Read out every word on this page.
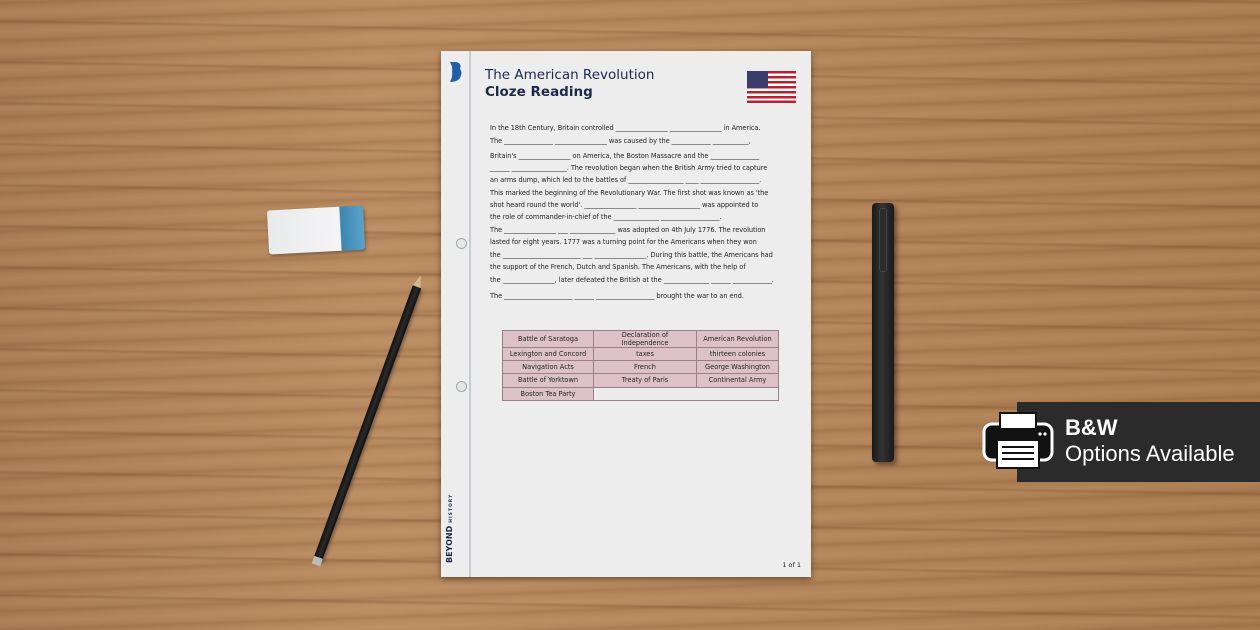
The American Revolution
Cloze Reading
In the 18th Century, Britain controlled ________________ ________________ in America.
The _______________ ________________ was caused by the ____________ ___________,
Britain's ________________ on America, the Boston Massacre and the _______________
______ _________________. The revolution began when the British Army tried to capture
an arms dump, which led to the battles of _________________ ____ __________________.
This marked the beginning of the Revolutionary War. The first shot was known as 'the
shot heard round the world'. ________________ ___________________ was appointed to
the role of commander-in-chief of the ______________ __________________.
The ________________ ___ ______________ was adopted on 4th July 1776. The revolution
lasted for eight years. 1777 was a turning point for the Americans when they won
the ________________________ ___ ________________. During this battle, the Americans had
the support of the French, Dutch and Spanish. The Americans, with the help of
the ________________, later defeated the British at the ______________ ______ ____________.
The _____________________ ______ __________________ brought the war to an end.
Battle of Saratoga	Declaration of Independence	American Revolution
Lexington and Concord	taxes	thirteen colonies
Navigation Acts	French	George Washington
Battle of Yorktown	Treaty of Paris	Continental Army
Boston Tea Party		
BEYONDHISTORY
1 of 1
B&W
Options Available
